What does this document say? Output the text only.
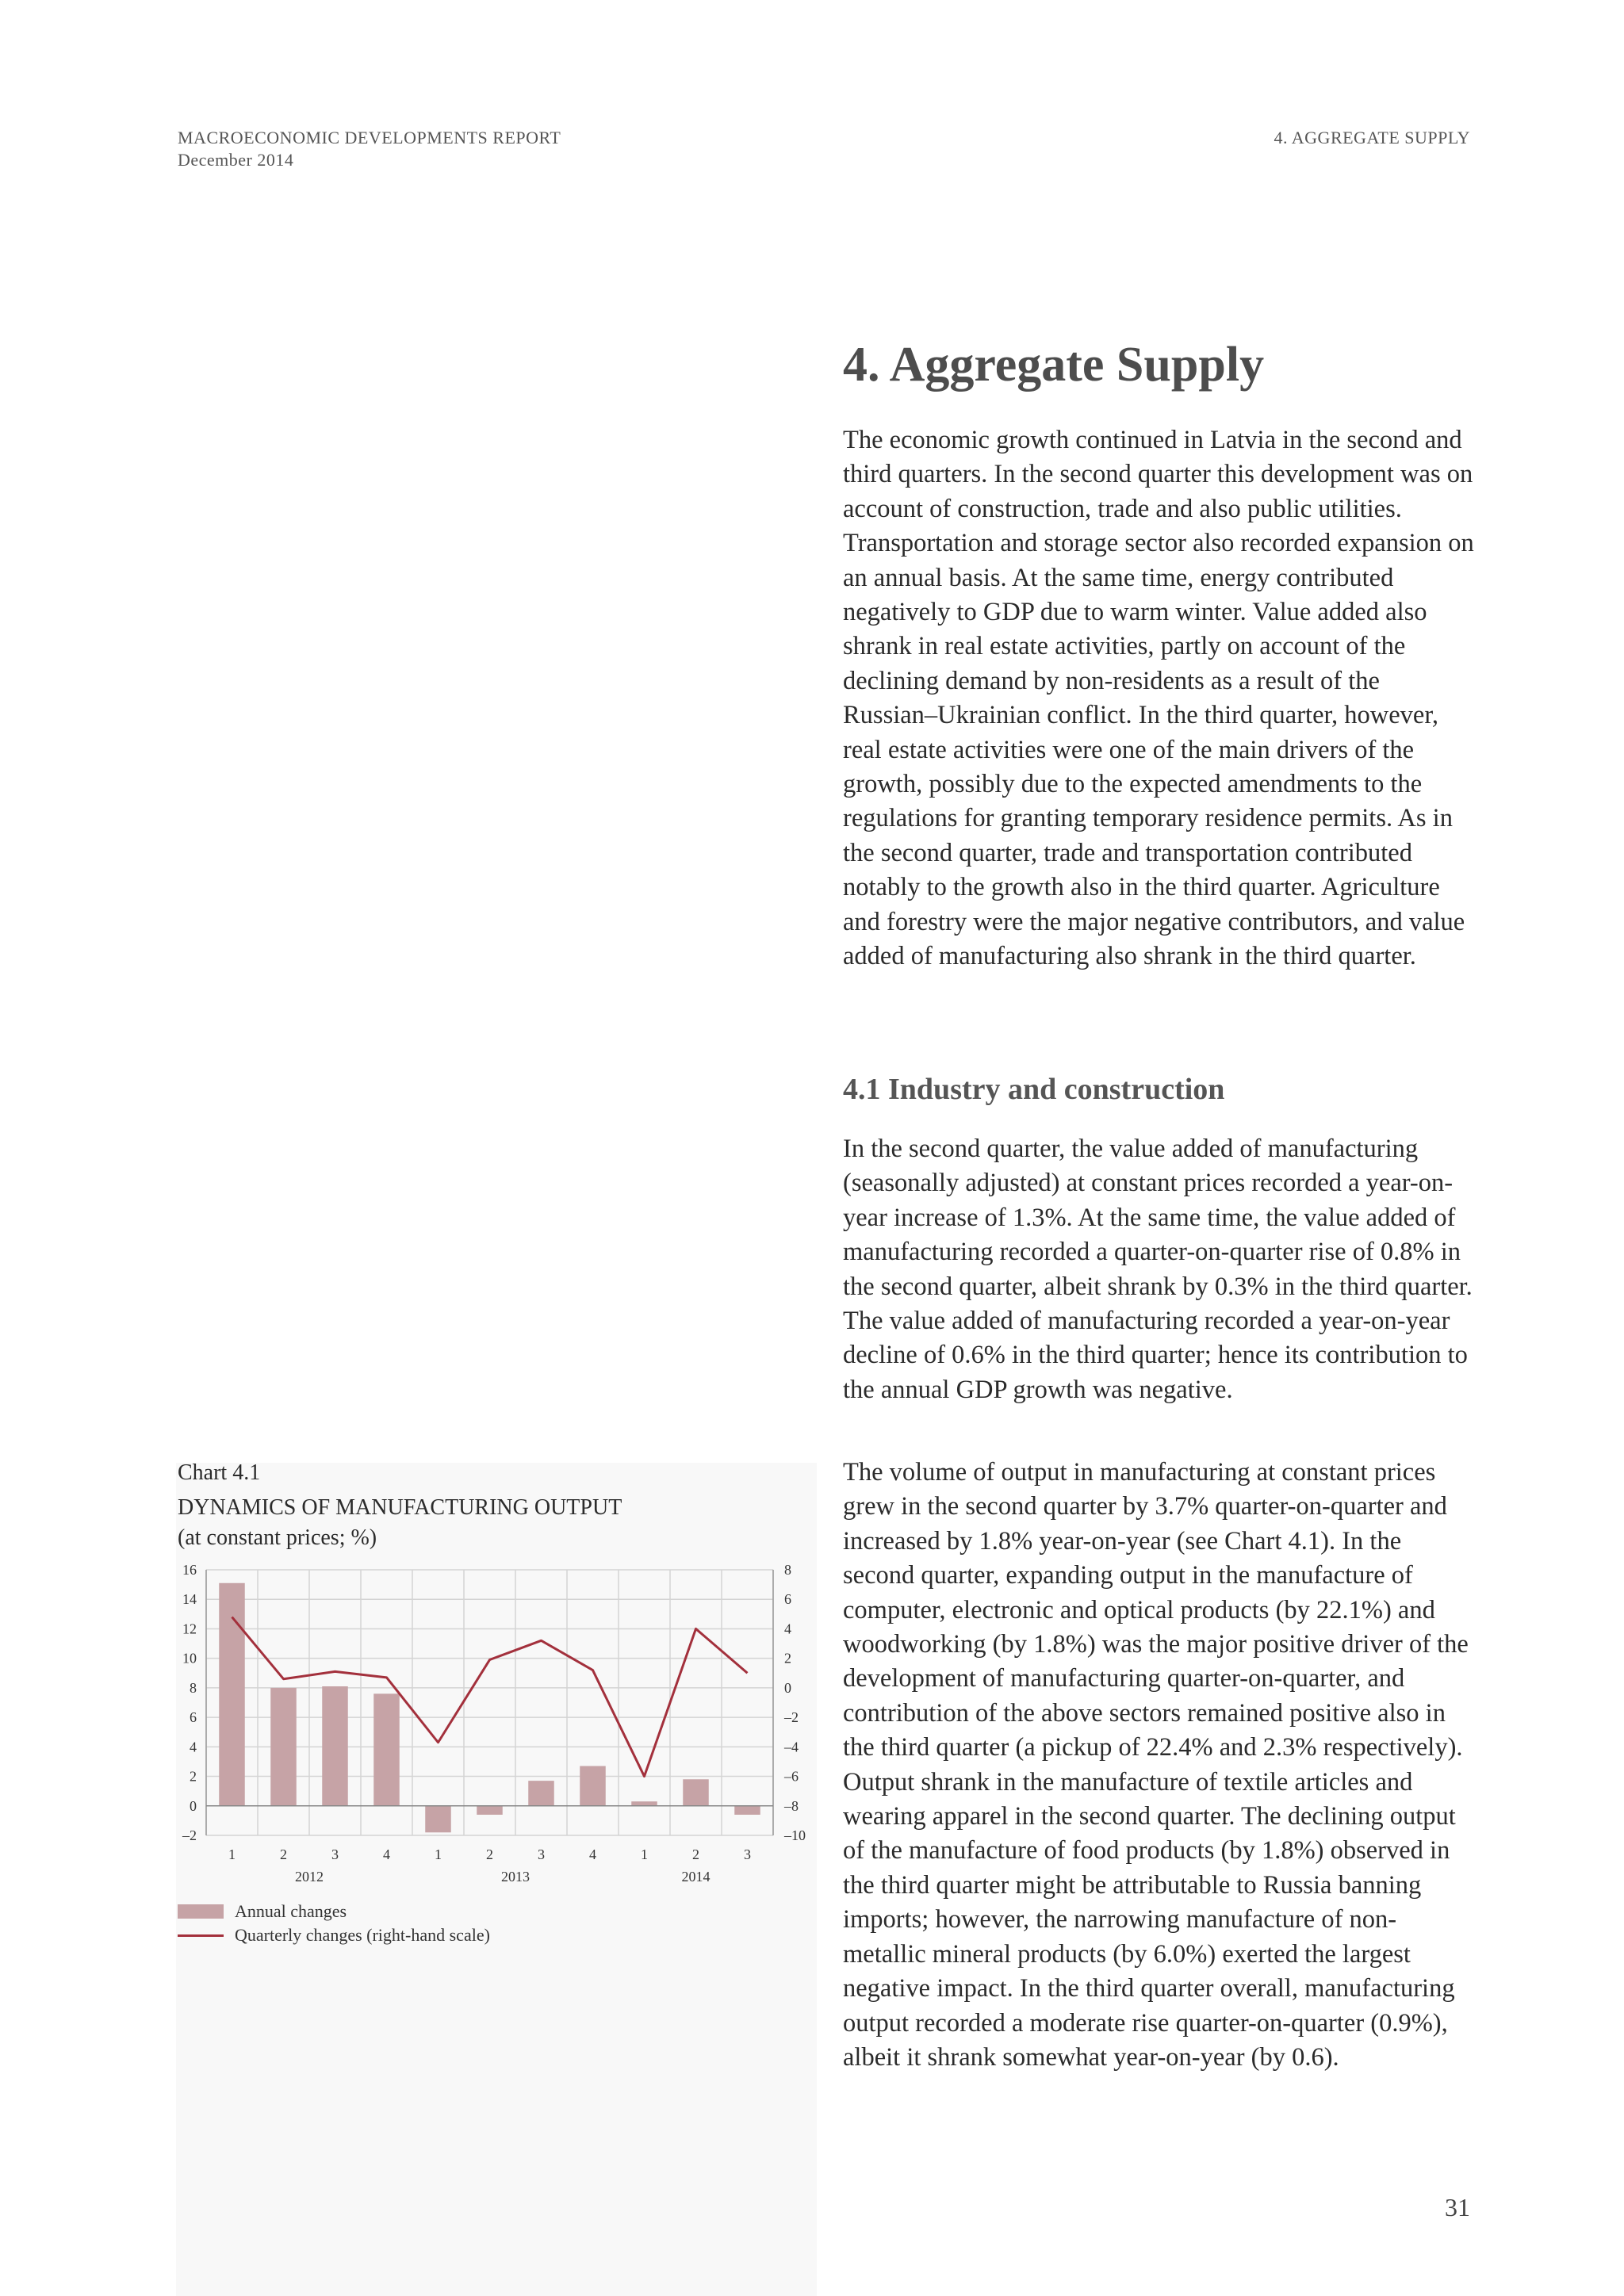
MACROECONOMIC DEVELOPMENTS REPORT
December 2014
4. AGGREGATE SUPPLY
4. Aggregate Supply

The economic growth continued in Latvia in the second and third quarters. In the second quarter this development was on account of construction, trade and also public utilities. Transportation and storage sector also recorded expansion on an annual basis. At the same time, energy contributed negatively to GDP due to warm winter. Value added also shrank in real estate activities, partly on account of the declining demand by non-residents as a result of the Russian–Ukrainian conflict. In the third quarter, however, real estate activities were one of the main drivers of the growth, possibly due to the expected amendments to the regulations for granting temporary residence permits. As in the second quarter, trade and transportation contributed notably to the growth also in the third quarter. Agriculture and forestry were the major negative contributors, and value added of manufacturing also shrank in the third quarter.

4.1 Industry and construction

In the second quarter, the value added of manufacturing (seasonally adjusted) at constant prices recorded a year-on-year increase of 1.3%. At the same time, the value added of manufacturing recorded a quarter-on-quarter rise of 0.8% in the second quarter, albeit shrank by 0.3% in the third quarter. The value added of manufacturing recorded a year-on-year decline of 0.6% in the third quarter; hence its contribution to the annual GDP growth was negative.

The volume of output in manufacturing at constant prices grew in the second quarter by 3.7% quarter-on-quarter and increased by 1.8% year-on-year (see Chart 4.1). In the second quarter, expanding output in the manufacture of computer, electronic and optical products (by 22.1%) and woodworking (by 1.8%) was the major positive driver of the development of manufacturing quarter-on-quarter, and contribution of the above sectors remained positive also in the third quarter (a pickup of 22.4% and 2.3% respectively). Output shrank in the manufacture of textile articles and wearing apparel in the second quarter. The declining output of the manufacture of food products (by 1.8%) observed in the third quarter might be attributable to Russia banning imports; however, the narrowing manufacture of non-metallic mineral products (by 6.0%) exerted the largest negative impact. In the third quarter overall, manufacturing output recorded a moderate rise quarter-on-quarter (0.9%), albeit it shrank somewhat year-on-year (by 0.6).

Chart 4.1
DYNAMICS OF MANUFACTURING OUTPUT
(at constant prices; %)
16
14
12
10
8
6
4
2
0
–2
8
6
4
2
0
–2
–4
–6
–8
–10
1	2	3	4	1	2	3	4	1	2	3
2012	2013	2014
Annual changes
Quarterly changes (right-hand scale)
31
